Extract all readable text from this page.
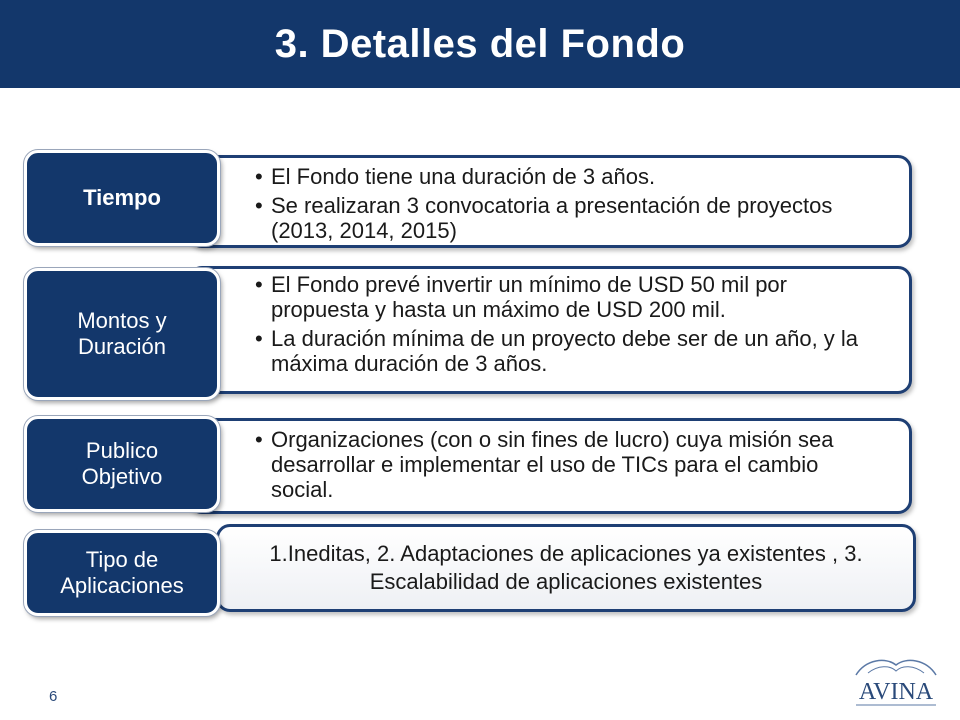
3. Detalles del Fondo
• El Fondo tiene una duración de 3 años.
• Se realizaran 3 convocatoria a presentación de proyectos (2013, 2014, 2015)
Tiempo
• El Fondo prevé invertir un mínimo de USD 50 mil por propuesta y hasta un máximo de USD 200 mil.
• La duración mínima de un proyecto debe ser de un año, y la máxima duración de 3 años.
Montos y Duración
• Organizaciones (con o sin fines de lucro) cuya misión sea desarrollar e implementar el uso de TICs para el cambio social.
Publico Objetivo
1.Ineditas, 2. Adaptaciones de aplicaciones ya existentes , 3. Escalabilidad de aplicaciones existentes
Tipo de Aplicaciones
6	AVINA
